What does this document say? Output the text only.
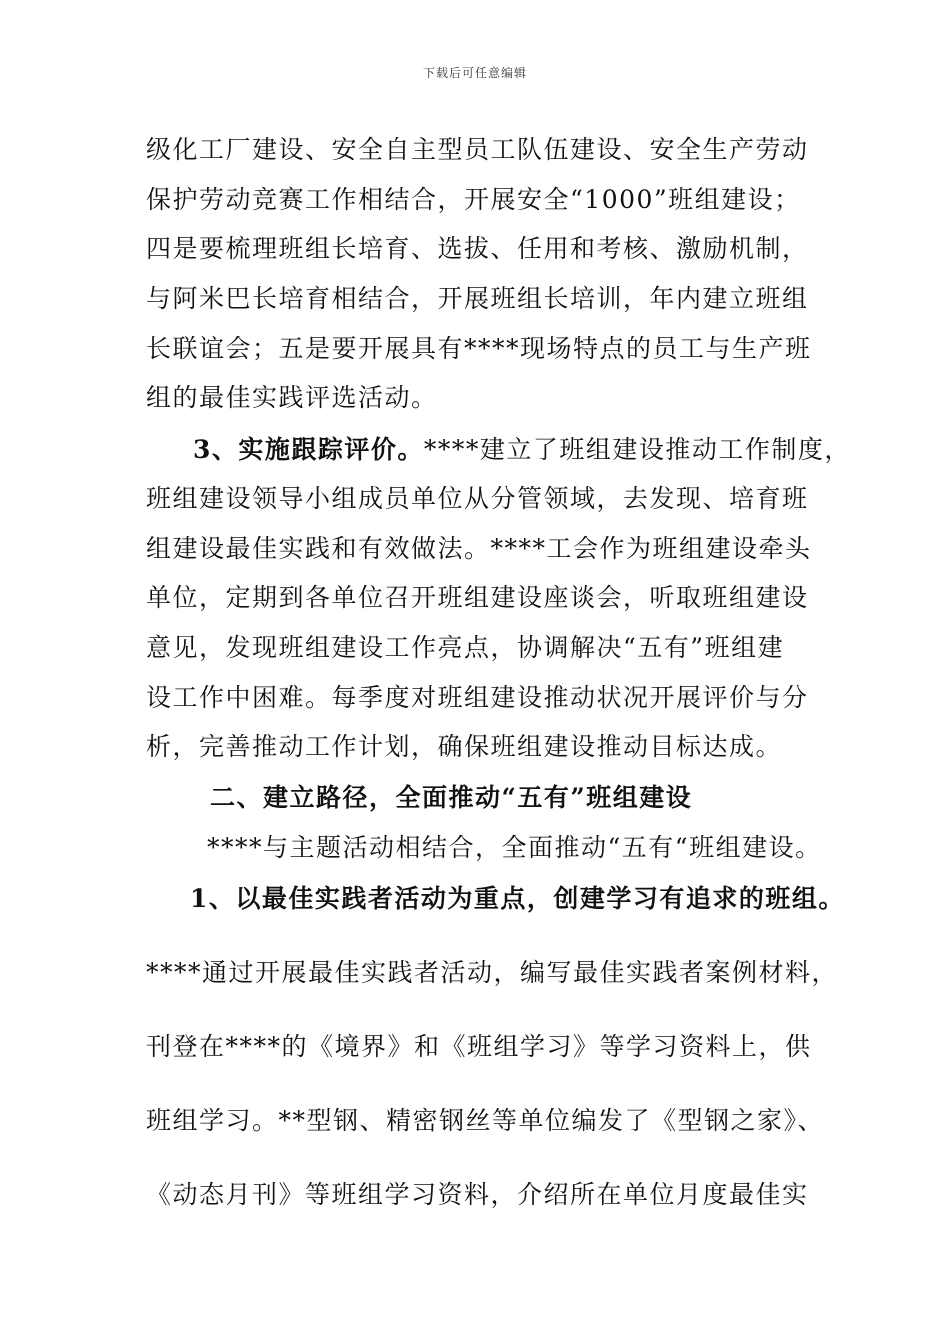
下载后可任意编辑
级化工厂建设、安全自主型员工队伍建设、安全生产劳动
保护劳动竞赛工作相结合，开展安全“1000”班组建设；
四是要梳理班组长培育、选拔、任用和考核、激励机制，
与阿米巴长培育相结合，开展班组长培训，年内建立班组
长联谊会；五是要开展具有****现场特点的员工与生产班
组的最佳实践评选活动。
3、实施跟踪评价。****建立了班组建设推动工作制度，
班组建设领导小组成员单位从分管领域，去发现、培育班
组建设最佳实践和有效做法。****工会作为班组建设牵头
单位，定期到各单位召开班组建设座谈会，听取班组建设
意见，发现班组建设工作亮点，协调解决“五有”班组建
设工作中困难。每季度对班组建设推动状况开展评价与分
析，完善推动工作计划，确保班组建设推动目标达成。
二、建立路径，全面推动“五有”班组建设
****与主题活动相结合，全面推动“五有“班组建设。
1、以最佳实践者活动为重点，创建学习有追求的班组。
****通过开展最佳实践者活动，编写最佳实践者案例材料，
刊登在****的《境界》和《班组学习》等学习资料上，供
班组学习。**型钢、精密钢丝等单位编发了《型钢之家》、
《动态月刊》等班组学习资料，介绍所在单位月度最佳实
